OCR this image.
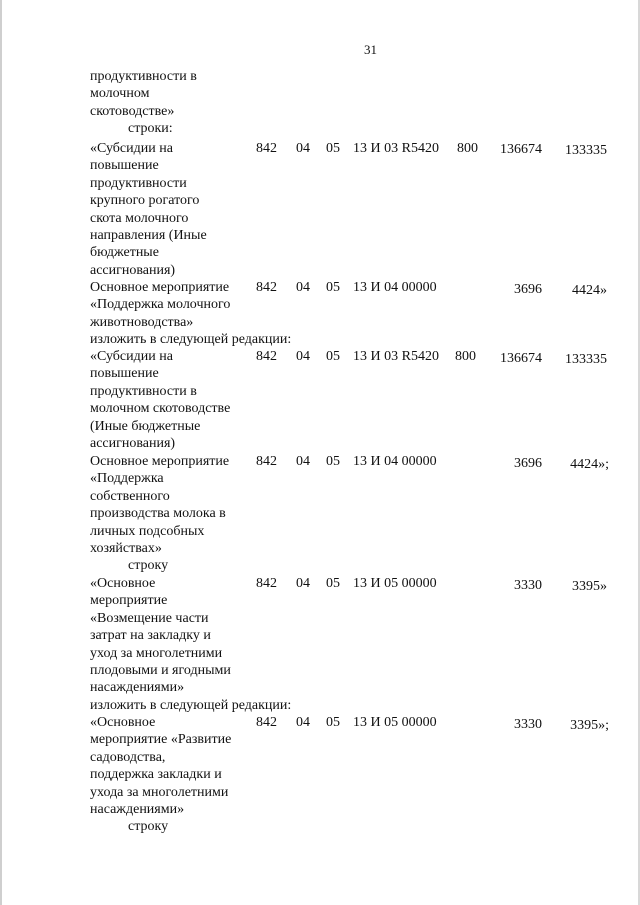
31
продуктивности в
молочном
скотоводстве»
строки:
«Субсидии на
повышение
продуктивности
крупного рогатого
скота молочного
направления (Иные
бюджетные
ассигнования)
842 04 05 13 И 03 R5420 800 136674 133335
Основное мероприятие
«Поддержка молочного
животноводства»
842 04 05 13 И 04 00000	3696 4424»
изложить в следующей редакции:
«Субсидии на
повышение
продуктивности в
молочном скотоводстве
(Иные бюджетные
ассигнования)
842 04 05 13 И 03 R5420 800 136674 133335
Основное мероприятие
«Поддержка
собственного
производства молока в
личных подсобных
хозяйствах»
строку
842 04 05 13 И 04 00000	3696 4424»;
«Основное
мероприятие
«Возмещение части
затрат на закладку и
уход за многолетними
плодовыми и ягодными
насаждениями»
842 04 05 13 И 05 00000	3330 3395»
изложить в следующей редакции:
«Основное
мероприятие «Развитие
садоводства,
поддержка закладки и
ухода за многолетними
насаждениями»
строку
842 04 05 13 И 05 00000	3330 3395»;
